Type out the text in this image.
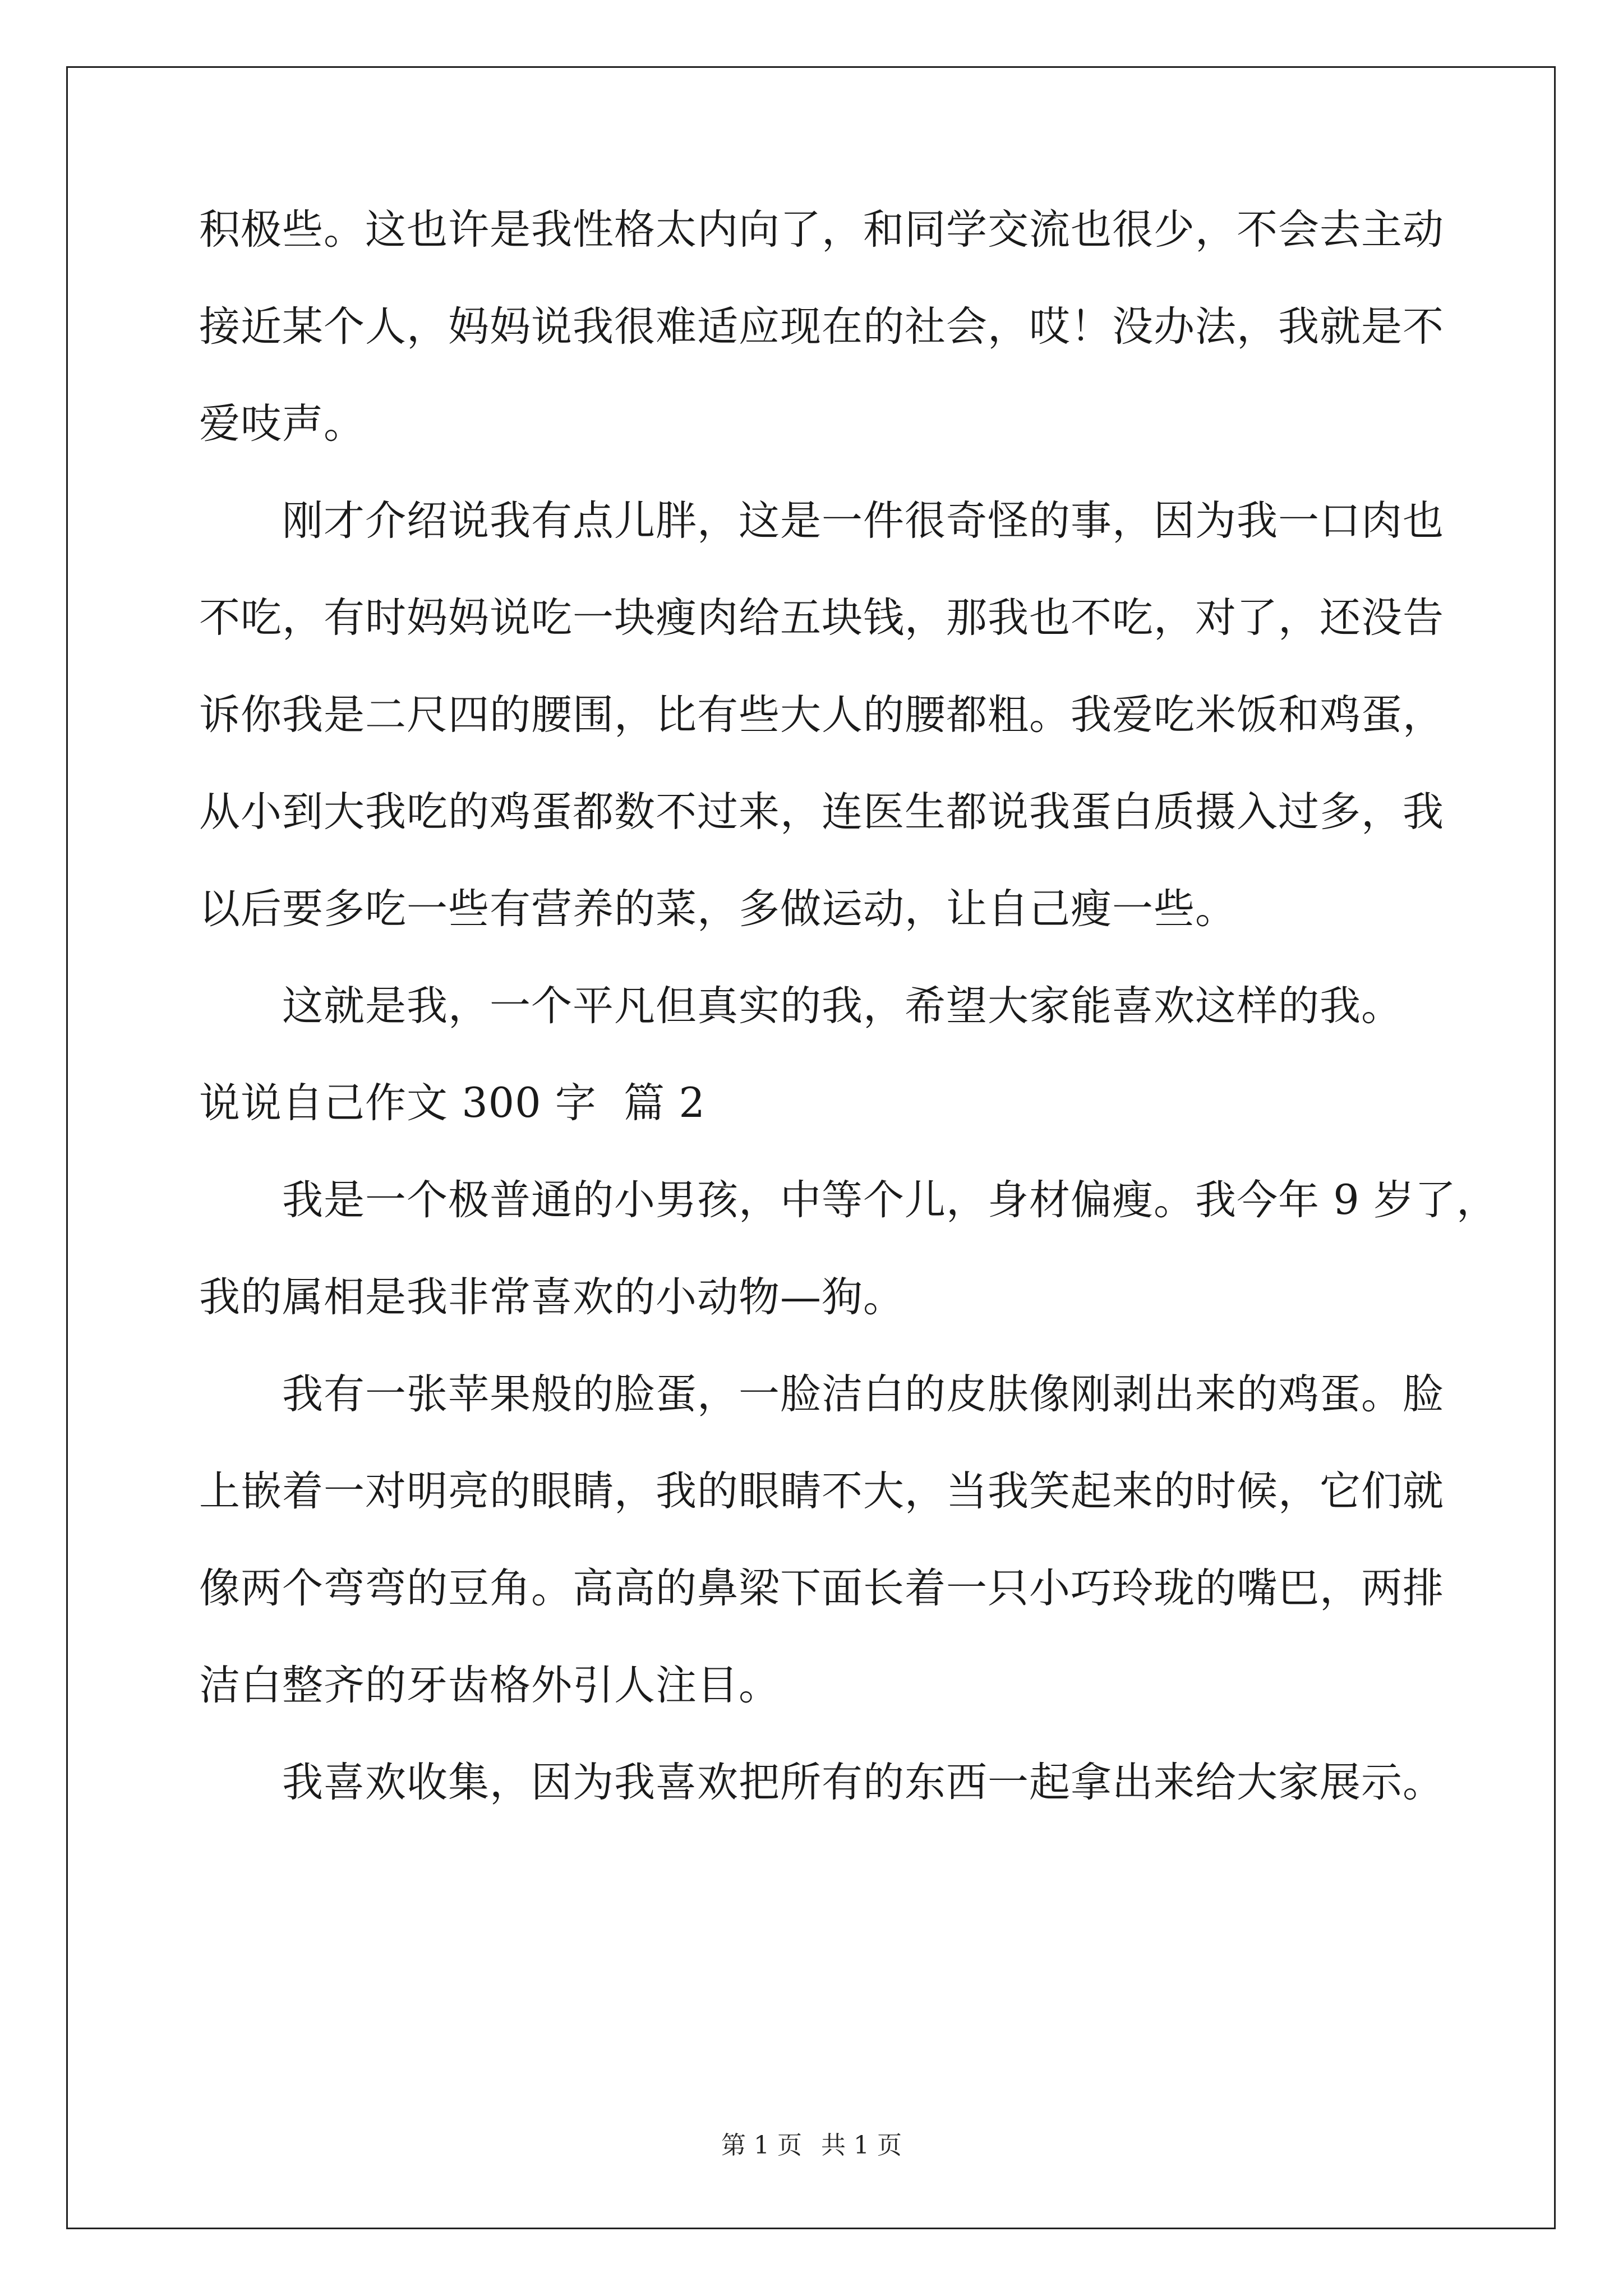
积极些。这也许是我性格太内向了，和同学交流也很少，不会去主动
接近某个人，妈妈说我很难适应现在的社会，哎！没办法，我就是不
爱吱声。
刚才介绍说我有点儿胖，这是一件很奇怪的事，因为我一口肉也
不吃，有时妈妈说吃一块瘦肉给五块钱，那我也不吃，对了，还没告
诉你我是二尺四的腰围，比有些大人的腰都粗。我爱吃米饭和鸡蛋，
从小到大我吃的鸡蛋都数不过来，连医生都说我蛋白质摄入过多，我
以后要多吃一些有营养的菜，多做运动，让自己瘦一些。
这就是我，一个平凡但真实的我，希望大家能喜欢这样的我。
说说自己作文 300 字  篇 2
我是一个极普通的小男孩，中等个儿，身材偏瘦。我今年 9 岁了，
我的属相是我非常喜欢的小动物—狗。
我有一张苹果般的脸蛋，一脸洁白的皮肤像刚剥出来的鸡蛋。脸
上嵌着一对明亮的眼睛，我的眼睛不大，当我笑起来的时候，它们就
像两个弯弯的豆角。高高的鼻梁下面长着一只小巧玲珑的嘴巴，两排
洁白整齐的牙齿格外引人注目。
我喜欢收集，因为我喜欢把所有的东西一起拿出来给大家展示。
第 1 页 共 1 页
